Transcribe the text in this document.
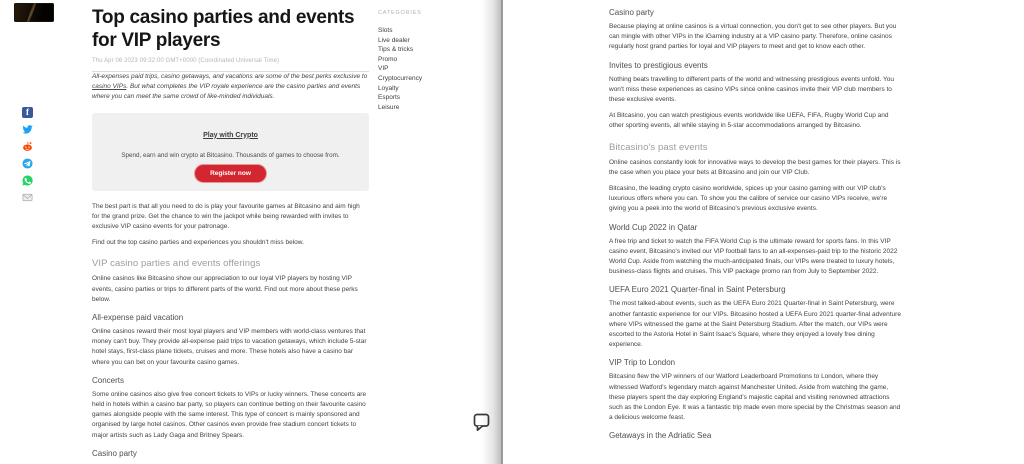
f
Top casino parties and events for VIP players
Thu Apr 06 2023 09:32:00 GMT+0000 (Coordinated Universal Time)

All-expenses paid trips, casino getaways, and vacations are some of the best perks exclusive to casino VIPs. But what completes the VIP royale experience are the casino parties and events where you can meet the same crowd of like-minded individuals.

Play with Crypto
Spend, earn and win crypto at Bitcasino. Thousands of games to choose from.
Register now

The best part is that all you need to do is play your favourite games at Bitcasino and aim high for the grand prize. Get the chance to win the jackpot while being rewarded with invites to exclusive VIP casino events for your patronage.

Find out the top casino parties and experiences you shouldn't miss below.

VIP casino parties and events offerings

Online casinos like Bitcasino show our appreciation to our loyal VIP players by hosting VIP events, casino parties or trips to different parts of the world. Find out more about these perks below.

All-expense paid vacation

Online casinos reward their most loyal players and VIP members with world-class ventures that money can't buy. They provide all-expense paid trips to vacation getaways, which include 5-star hotel stays, first-class plane tickets, cruises and more. These hotels also have a casino bar where you can bet on your favourite casino games.

Concerts

Some online casinos also give free concert tickets to VIPs or lucky winners. These concerts are held in hotels within a casino bar party, so players can continue betting on their favourite casino games alongside people with the same interest. This type of concert is mainly sponsored and organised by large hotel casinos. Other casinos even provide free stadium concert tickets to major artists such as Lady Gaga and Britney Spears.

Casino party
CATEGORIES
Slots
Live dealer
Tips & tricks
Promo
VIP
Cryptocurrency
Loyalty
Esports
Leisure
Casino party

Because playing at online casinos is a virtual connection, you don't get to see other players. But you can mingle with other VIPs in the iGaming industry at a VIP casino party. Therefore, online casinos regularly host grand parties for loyal and VIP players to meet and get to know each other.

Invites to prestigious events

Nothing beats travelling to different parts of the world and witnessing prestigious events unfold. You won't miss these experiences as casino VIPs since online casinos invite their VIP club members to these exclusive events.

At Bitcasino, you can watch prestigious events worldwide like UEFA, FIFA, Rugby World Cup and other sporting events, all while staying in 5-star accommodations arranged by Bitcasino.

Bitcasino's past events

Online casinos constantly look for innovative ways to develop the best games for their players. This is the case when you place your bets at Bitcasino and join our VIP Club.

Bitcasino, the leading crypto casino worldwide, spices up your casino gaming with our VIP club's luxurious offers where you can. To show you the calibre of service our casino VIPs receive, we're giving you a peek into the world of Bitcasino's previous exclusive events.

World Cup 2022 in Qatar

A free trip and ticket to watch the FIFA World Cup is the ultimate reward for sports fans. In this VIP casino event, Bitcasino's invited our VIP football fans to an all-expenses-paid trip to the historic 2022 World Cup. Aside from watching the much-anticipated finals, our VIPs were treated to luxury hotels, business-class flights and cruises. This VIP package promo ran from July to September 2022.

UEFA Euro 2021 Quarter-final in Saint Petersburg

The most talked-about events, such as the UEFA Euro 2021 Quarter-final in Saint Petersburg, were another fantastic experience for our VIPs. Bitcasino hosted a UEFA Euro 2021 quarter-final adventure where VIPs witnessed the game at the Saint Petersburg Stadium. After the match, our VIPs were escorted to the Astoria Hotel in Saint Isaac's Square, where they enjoyed a lovely free dining experience.

VIP Trip to London

Bitcasino flew the VIP winners of our Watford Leaderboard Promotions to London, where they witnessed Watford's legendary match against Manchester United. Aside from watching the game, these players spent the day exploring England's majestic capital and visiting renowned attractions such as the London Eye. It was a fantastic trip made even more special by the Christmas season and a delicious welcome feast.

Getaways in the Adriatic Sea
